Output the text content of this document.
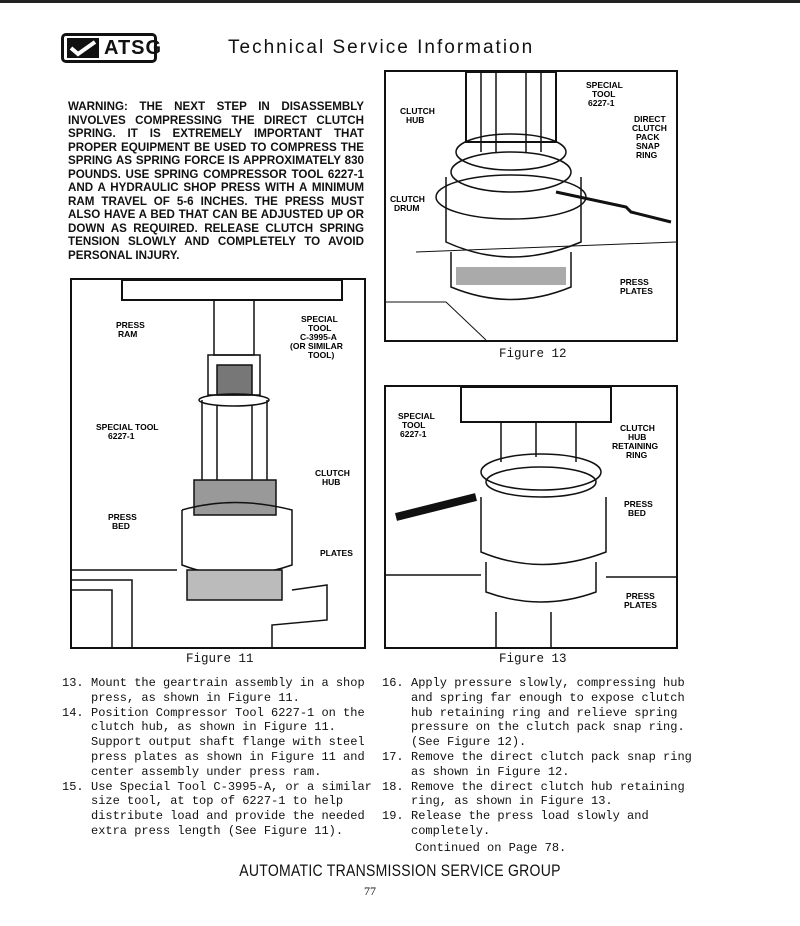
ATSG	Technical Service Information
WARNING: THE NEXT STEP IN DISASSEMBLY INVOLVES COMPRESSING THE DIRECT CLUTCH SPRING. IT IS EXTREMELY IMPORTANT THAT PROPER EQUIPMENT BE USED TO COMPRESS THE SPRING AS SPRING FORCE IS APPROXIMATELY 830 POUNDS. USE SPRING COMPRESSOR TOOL 6227-1 AND A HYDRAULIC SHOP PRESS WITH A MINIMUM RAM TRAVEL OF 5-6 INCHES. THE PRESS MUST ALSO HAVE A BED THAT CAN BE ADJUSTED UP OR DOWN AS REQUIRED. RELEASE CLUTCH SPRING TENSION SLOWLY AND COMPLETELY TO AVOID PERSONAL INJURY.
SPECIAL TOOL 6227-1
CLUTCH HUB	DIRECT CLUTCH PACK SNAP RING
CLUTCH DRUM
PRESS PLATES
Figure 12
PRESS RAM
SPECIAL TOOL C-3995-A (OR SIMILAR TOOL)
SPECIAL TOOL 6227-1
CLUTCH HUB
PRESS BED
PLATES
Figure 11
SPECIAL TOOL 6227-1
CLUTCH HUB RETAINING RING
PRESS BED
PRESS PLATES
Figure 13
13. Mount the geartrain assembly in a shop press, as shown in Figure 11.
14. Position Compressor Tool 6227-1 on the clutch hub, as shown in Figure 11. Support output shaft flange with steel press plates as shown in Figure 11 and center assembly under press ram.
15. Use Special Tool C-3995-A, or a similar size tool, at top of 6227-1 to help distribute load and provide the needed extra press length (See Figure 11).
16. Apply pressure slowly, compressing hub and spring far enough to expose clutch hub retaining ring and relieve spring pressure on the clutch pack snap ring. (See Figure 12).
17. Remove the direct clutch pack snap ring as shown in Figure 12.
18. Remove the direct clutch hub retaining ring, as shown in Figure 13.
19. Release the press load slowly and completely.
Continued on Page 78.
AUTOMATIC TRANSMISSION SERVICE GROUP
77
